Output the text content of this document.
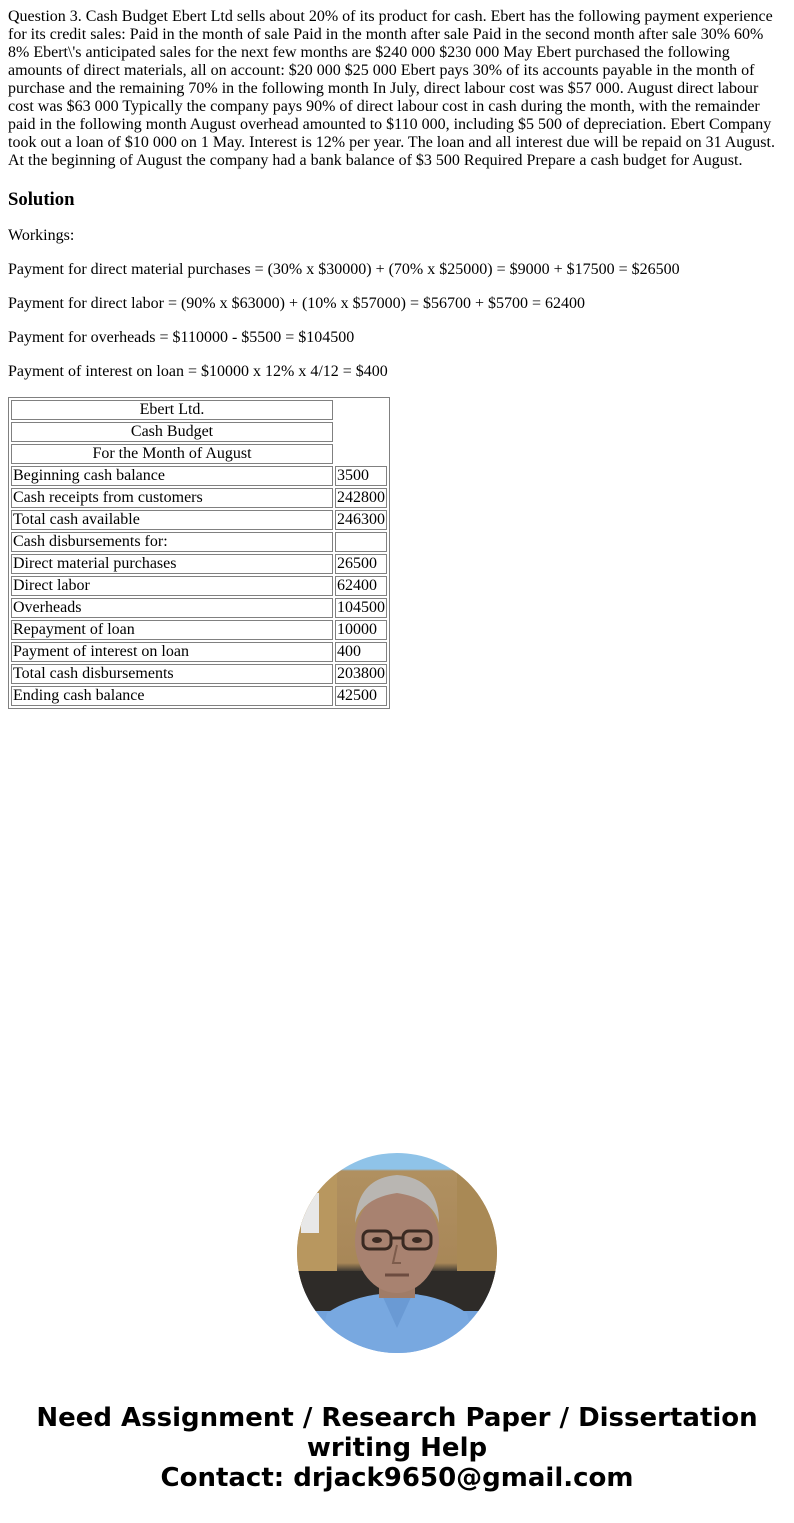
Question 3. Cash Budget Ebert Ltd sells about 20% of its product for cash. Ebert has the following payment experience for its credit sales: Paid in the month of sale Paid in the month after sale Paid in the second month after sale 30% 60% 8% Ebert\'s anticipated sales for the next few months are $240 000 $230 000 May Ebert purchased the following amounts of direct materials, all on account: $20 000 $25 000 Ebert pays 30% of its accounts payable in the month of purchase and the remaining 70% in the following month In July, direct labour cost was $57 000. August direct labour cost was $63 000 Typically the company pays 90% of direct labour cost in cash during the month, with the remainder paid in the following month August overhead amounted to $110 000, including $5 500 of depreciation. Ebert Company took out a loan of $10 000 on 1 May. Interest is 12% per year. The loan and all interest due will be repaid on 31 August. At the beginning of August the company had a bank balance of $3 500 Required Prepare a cash budget for August.

Solution

Workings:

Payment for direct material purchases = (30% x $30000) + (70% x $25000) = $9000 + $17500 = $26500

Payment for direct labor = (90% x $63000) + (10% x $57000) = $56700 + $5700 = 62400

Payment for overheads = $110000 - $5500 = $104500

Payment of interest on loan = $10000 x 12% x 4/12 = $400

Ebert Ltd.	
Cash Budget	
For the Month of August	
Beginning cash balance	3500
Cash receipts from customers	242800
Total cash available	246300
Cash disbursements for:	
Direct material purchases	26500
Direct labor	62400
Overheads	104500
Repayment of loan	10000
Payment of interest on loan	400
Total cash disbursements	203800
Ending cash balance	42500
Need Assignment / Research Paper / Dissertation
writing Help
Contact: drjack9650@gmail.com
